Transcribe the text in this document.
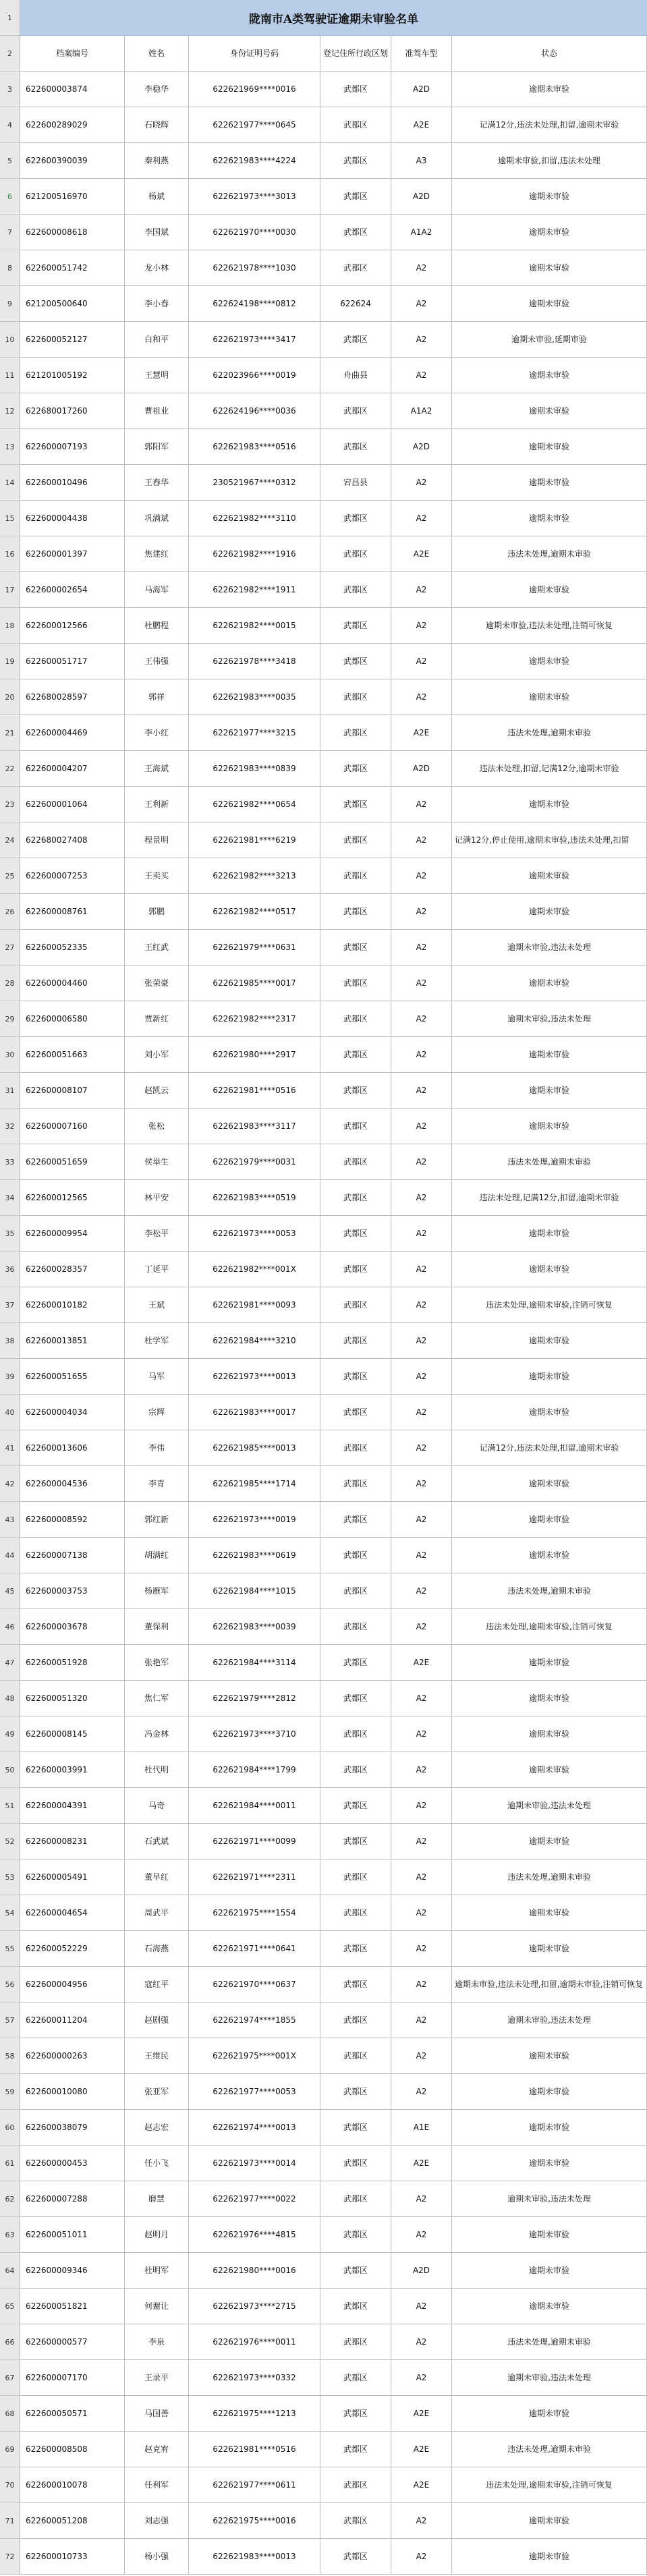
1	陇南市A类驾驶证逾期未审验名单
2	档案编号	姓名	身份证明号码	登记住所行政区划	准驾车型	状态
3	622600003874	李稳华	622621969****0016	武都区	A2D	逾期未审验
4	622600289029	石晓辉	622621977****0645	武都区	A2E	记满12分,违法未处理,扣留,逾期未审验
5	622600390039	秦利燕	622621983****4224	武都区	A3	逾期未审验,扣留,违法未处理
6	621200516970	杨斌	622621973****3013	武都区	A2D	逾期未审验
7	622600008618	李国斌	622621970****0030	武都区	A1A2	逾期未审验
8	622600051742	龙小林	622621978****1030	武都区	A2	逾期未审验
9	621200500640	李小春	622624198****0812	622624	A2	逾期未审验
10	622600052127	白和平	622621973****3417	武都区	A2	逾期未审验,延期审验
11	621201005192	王慧明	622023966****0019	舟曲县	A2	逾期未审验
12	622680017260	曹祖业	622624196****0036	武都区	A1A2	逾期未审验
13	622600007193	郭阳军	622621983****0516	武都区	A2D	逾期未审验
14	622600010496	王春华	230521967****0312	宕昌县	A2	逾期未审验
15	622600004438	巩满斌	622621982****3110	武都区	A2	逾期未审验
16	622600001397	焦建红	622621982****1916	武都区	A2E	违法未处理,逾期未审验
17	622600002654	马海军	622621982****1911	武都区	A2	逾期未审验
18	622600012566	杜鹏程	622621982****0015	武都区	A2	逾期未审验,违法未处理,注销可恢复
19	622600051717	王伟强	622621978****3418	武都区	A2	逾期未审验
20	622680028597	郭祥	622621983****0035	武都区	A2	逾期未审验
21	622600004469	李小红	622621977****3215	武都区	A2E	违法未处理,逾期未审验
22	622600004207	王海斌	622621983****0839	武都区	A2D	违法未处理,扣留,记满12分,逾期未审验
23	622600001064	王利新	622621982****0654	武都区	A2	逾期未审验
24	622680027408	程景明	622621981****6219	武都区	A2	记满12分,停止使用,逾期未审验,违法未处理,扣留
25	622600007253	王卖买	622621982****3213	武都区	A2	逾期未审验
26	622600008761	郭鹏	622621982****0517	武都区	A2	逾期未审验
27	622600052335	王红武	622621979****0631	武都区	A2	逾期未审验,违法未处理
28	622600004460	张荣豪	622621985****0017	武都区	A2	逾期未审验
29	622600006580	贾新红	622621982****2317	武都区	A2	逾期未审验,违法未处理
30	622600051663	刘小军	622621980****2917	武都区	A2	逾期未审验
31	622600008107	赵凯云	622621981****0516	武都区	A2	逾期未审验
32	622600007160	张松	622621983****3117	武都区	A2	逾期未审验
33	622600051659	侯举生	622621979****0031	武都区	A2	违法未处理,逾期未审验
34	622600012565	林平安	622621983****0519	武都区	A2	违法未处理,记满12分,扣留,逾期未审验
35	622600009954	李松平	622621973****0053	武都区	A2	逾期未审验
36	622600028357	丁延平	622621982****001X	武都区	A2	逾期未审验
37	622600010182	王斌	622621981****0093	武都区	A2	违法未处理,逾期未审验,注销可恢复
38	622600013851	杜学军	622621984****3210	武都区	A2	逾期未审验
39	622600051655	马军	622621973****0013	武都区	A2	逾期未审验
40	622600004034	宗辉	622621983****0017	武都区	A2	逾期未审验
41	622600013606	李伟	622621985****0013	武都区	A2	记满12分,违法未处理,扣留,逾期未审验
42	622600004536	李青	622621985****1714	武都区	A2	逾期未审验
43	622600008592	郭红新	622621973****0019	武都区	A2	逾期未审验
44	622600007138	胡满红	622621983****0619	武都区	A2	逾期未审验
45	622600003753	杨雁军	622621984****1015	武都区	A2	违法未处理,逾期未审验
46	622600003678	董保利	622621983****0039	武都区	A2	违法未处理,逾期未审验,注销可恢复
47	622600051928	张艳军	622621984****3114	武都区	A2E	逾期未审验
48	622600051320	焦仁军	622621979****2812	武都区	A2	逾期未审验
49	622600008145	冯金林	622621973****3710	武都区	A2	逾期未审验
50	622600003991	杜代明	622621984****1799	武都区	A2	逾期未审验
51	622600004391	马奇	622621984****0011	武都区	A2	逾期未审验,违法未处理
52	622600008231	石武斌	622621971****0099	武都区	A2	逾期未审验
53	622600005491	董早红	622621971****2311	武都区	A2	违法未处理,逾期未审验
54	622600004654	周武平	622621975****1554	武都区	A2	逾期未审验
55	622600052229	石海燕	622621971****0641	武都区	A2	逾期未审验
56	622600004956	寇红平	622621970****0637	武都区	A2	逾期未审验,违法未处理,扣留,逾期未审验,注销可恢复
57	622600011204	赵剧强	622621974****1855	武都区	A2	逾期未审验,违法未处理
58	622600000263	王维民	622621975****001X	武都区	A2	逾期未审验
59	622600010080	张亚军	622621977****0053	武都区	A2	逾期未审验
60	622600038079	赵志宏	622621974****0013	武都区	A1E	逾期未审验
61	622600000453	任小飞	622621973****0014	武都区	A2E	逾期未审验
62	622600007288	磨慧	622621977****0022	武都区	A2	逾期未审验,违法未处理
63	622600051011	赵明月	622621976****4815	武都区	A2	逾期未审验
64	622600009346	杜明军	622621980****0016	武都区	A2D	逾期未审验
65	622600051821	何谢让	622621973****2715	武都区	A2	逾期未审验
66	622600000577	李泉	622621976****0011	武都区	A2	违法未处理,逾期未审验
67	622600007170	王录平	622621973****0332	武都区	A2	逾期未审验,违法未处理
68	622600050571	马国善	622621975****1213	武都区	A2E	逾期未审验
69	622600008508	赵克宥	622621981****0516	武都区	A2E	违法未处理,逾期未审验
70	622600010078	任利军	622621977****0611	武都区	A2E	违法未处理,逾期未审验,注销可恢复
71	622600051208	刘志强	622621975****0016	武都区	A2	逾期未审验
72	622600010733	杨小强	622621983****0013	武都区	A2	逾期未审验
